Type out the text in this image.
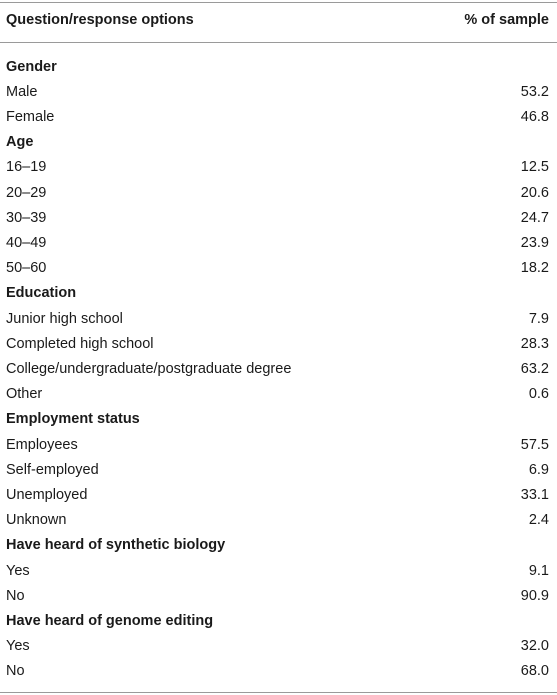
Question/response options	% of sample
Gender
Male	53.2
Female	46.8
Age
16–19	12.5
20–29	20.6
30–39	24.7
40–49	23.9
50–60	18.2
Education
Junior high school	7.9
Completed high school	28.3
College/undergraduate/postgraduate degree	63.2
Other	0.6
Employment status
Employees	57.5
Self-employed	6.9
Unemployed	33.1
Unknown	2.4
Have heard of synthetic biology
Yes	9.1
No	90.9
Have heard of genome editing
Yes	32.0
No	68.0
